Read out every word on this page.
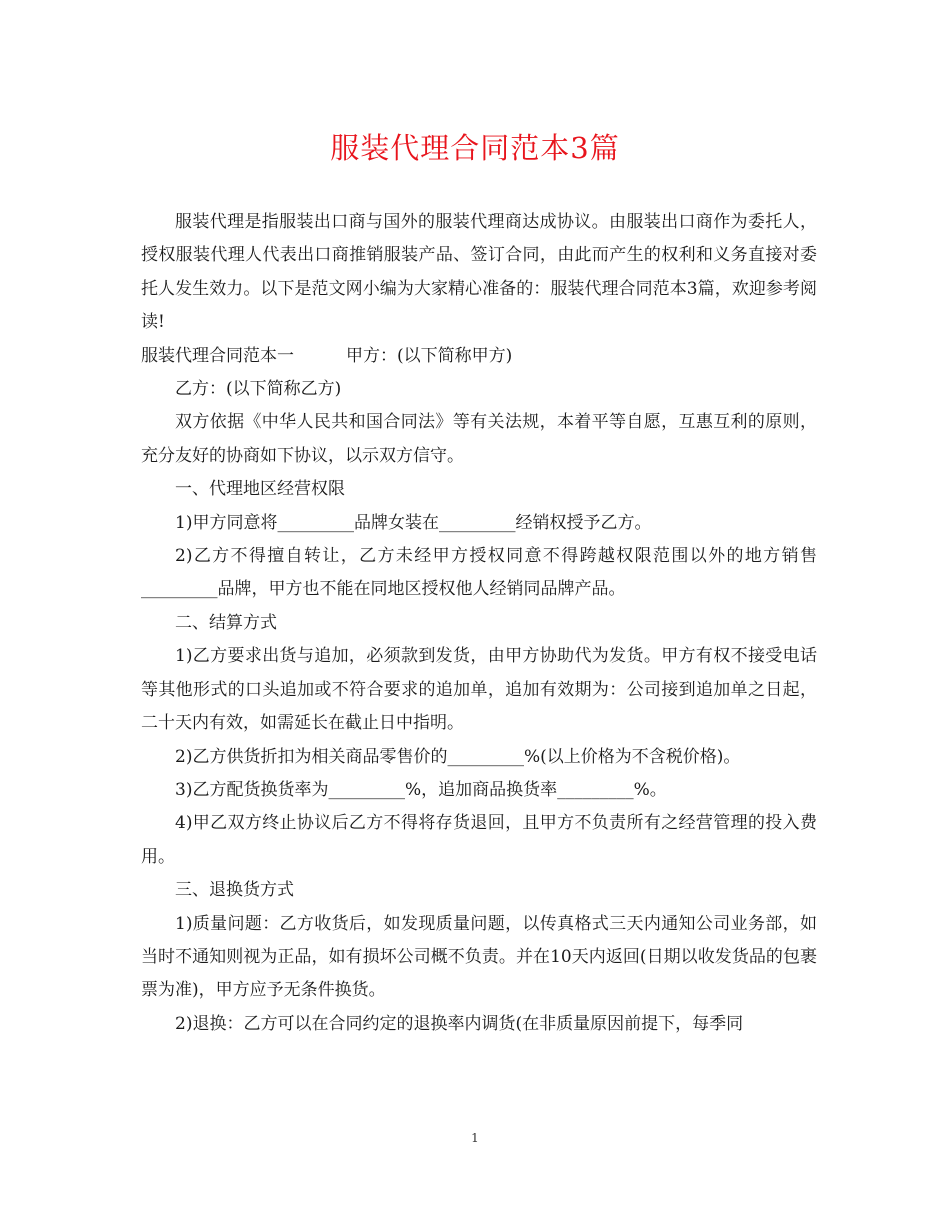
服装代理合同范本3篇

服装代理是指服装出口商与国外的服装代理商达成协议。由服装出口商作为委托人，授权服装代理人代表出口商推销服装产品、签订合同，由此而产生的权利和义务直接对委托人发生效力。以下是范文网小编为大家精心准备的：服装代理合同范本3篇，欢迎参考阅读!

服装代理合同范本一	甲方：(以下简称甲方)

乙方：(以下简称乙方)

双方依据《中华人民共和国合同法》等有关法规，本着平等自愿，互惠互利的原则，充分友好的协商如下协议，以示双方信守。

一、代理地区经营权限

1)甲方同意将_________品牌女装在_________经销权授予乙方。

2)乙方不得擅自转让，乙方未经甲方授权同意不得跨越权限范围以外的地方销售_________品牌，甲方也不能在同地区授权他人经销同品牌产品。

二、结算方式

1)乙方要求出货与追加，必须款到发货，由甲方协助代为发货。甲方有权不接受电话等其他形式的口头追加或不符合要求的追加单，追加有效期为：公司接到追加单之日起，二十天内有效，如需延长在截止日中指明。

2)乙方供货折扣为相关商品零售价的_________%(以上价格为不含税价格)。

3)乙方配货换货率为_________%，追加商品换货率_________%。

4)甲乙双方终止协议后乙方不得将存货退回，且甲方不负责所有之经营管理的投入费用。

三、退换货方式

1)质量问题：乙方收货后，如发现质量问题，以传真格式三天内通知公司业务部，如当时不通知则视为正品，如有损坏公司概不负责。并在10天内返回(日期以收发货品的包裹票为准)，甲方应予无条件换货。

2)退换：乙方可以在合同约定的退换率内调货(在非质量原因前提下，每季同

1
